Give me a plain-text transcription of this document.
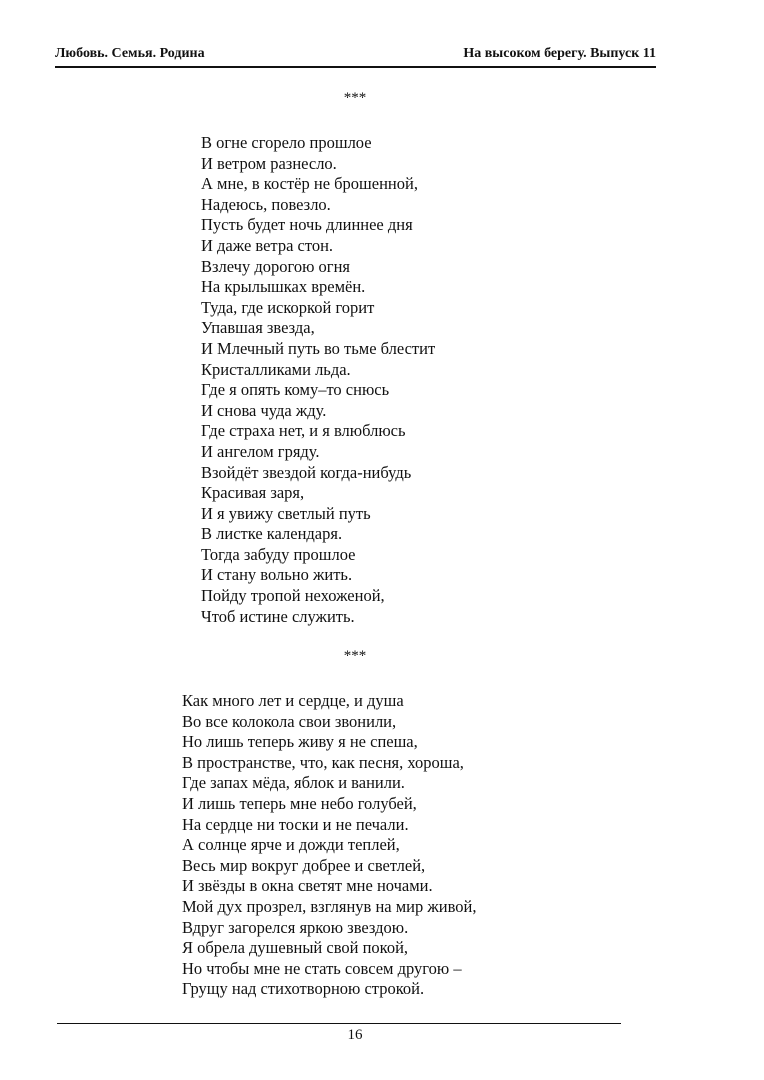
Любовь. Семья. Родина	На высоком берегу. Выпуск 11
***
В огне сгорело прошлое
И ветром разнесло.
А мне, в костёр не брошенной,
Надеюсь, повезло.
Пусть будет ночь длиннее дня
И даже ветра стон.
Взлечу дорогою огня
На крылышках времён.
Туда, где искоркой горит
Упавшая звезда,
И Млечный путь во тьме блестит
Кристалликами льда.
Где я опять кому–то снюсь
И снова чуда жду.
Где страха нет, и я влюблюсь
И ангелом гряду.
Взойдёт звездой когда-нибудь
Красивая заря,
И я увижу светлый путь
В листке календаря.
Тогда забуду прошлое
И стану вольно жить.
Пойду тропой нехоженой,
Чтоб истине служить.
***
Как много лет и сердце, и душа
Во все колокола свои звонили,
Но лишь теперь живу я не спеша,
В пространстве, что, как песня, хороша,
Где запах мёда, яблок и ванили.
И лишь теперь мне небо голубей,
На сердце ни тоски и не печали.
А солнце ярче и дожди теплей,
Весь мир вокруг добрее и светлей,
И звёзды в окна светят мне ночами.
Мой дух прозрел, взглянув на мир живой,
Вдруг загорелся яркою звездою.
Я обрела душевный свой покой,
Но чтобы мне не стать совсем другою –
Грущу над стихотворною строкой.
16
